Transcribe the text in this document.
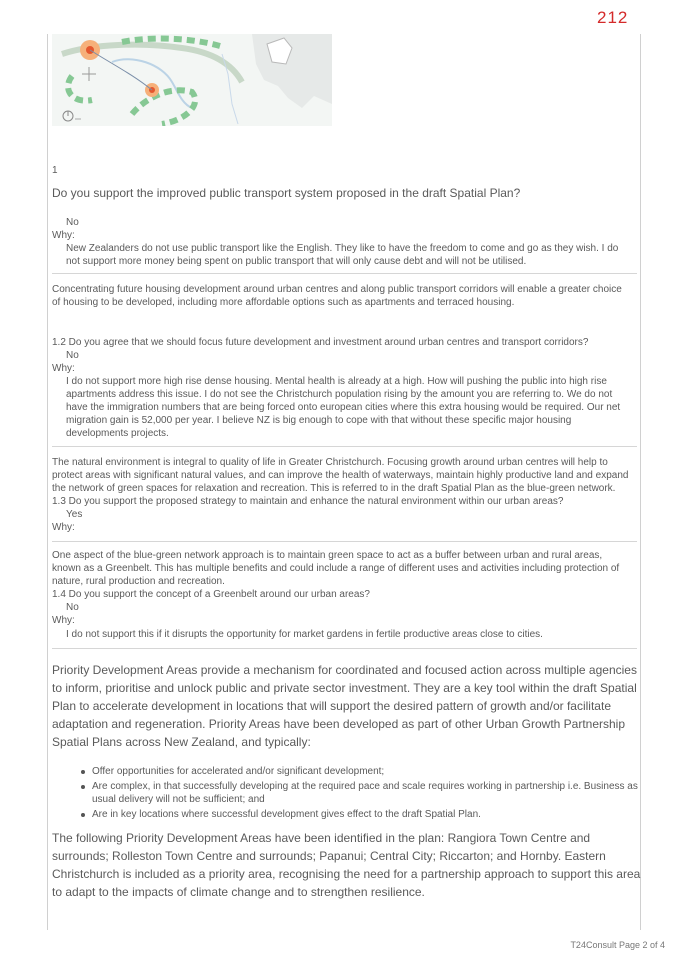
212
1
Do you support the improved public transport system proposed in the draft Spatial Plan?
No
Why:
New Zealanders do not use public transport like the English. They like to have the freedom to come and go as they wish. I do
not support more money being spent on public transport that will only cause debt and will not be utilised.
Concentrating future housing development around urban centres and along public transport corridors will enable a greater choice
of housing to be developed, including more affordable options such as apartments and terraced housing.
1.2 Do you agree that we should focus future development and investment around urban centres and transport corridors?
No
Why:
I do not support more high rise dense housing. Mental health is already at a high. How will pushing the public into high rise
apartments address this issue. I do not see the Christchurch population rising by the amount you are referring to. We do not
have the immigration numbers that are being forced onto european cities where this extra housing would be required. Our net
migration gain is 52,000 per year. I believe NZ is big enough to cope with that without these specific major housing
developments projects.
The natural environment is integral to quality of life in Greater Christchurch. Focusing growth around urban centres will help to
protect areas with significant natural values, and can improve the health of waterways, maintain highly productive land and expand
the network of green spaces for relaxation and recreation. This is referred to in the draft Spatial Plan as the blue-green network.
1.3 Do you support the proposed strategy to maintain and enhance the natural environment within our urban areas?
Yes
Why:
One aspect of the blue-green network approach is to maintain green space to act as a buffer between urban and rural areas,
known as a Greenbelt. This has multiple benefits and could include a range of different uses and activities including protection of
nature, rural production and recreation.
1.4 Do you support the concept of a Greenbelt around our urban areas?
No
Why:
I do not support this if it disrupts the opportunity for market gardens in fertile productive areas close to cities.
Priority Development Areas provide a mechanism for coordinated and focused action across multiple agencies
to inform, prioritise and unlock public and private sector investment. They are a key tool within the draft Spatial
Plan to accelerate development in locations that will support the desired pattern of growth and/or facilitate
adaptation and regeneration. Priority Areas have been developed as part of other Urban Growth Partnership
Spatial Plans across New Zealand, and typically:
Offer opportunities for accelerated and/or significant development;
Are complex, in that successfully developing at the required pace and scale requires working in partnership i.e. Business as usual delivery will not be sufficient; and
Are in key locations where successful development gives effect to the draft Spatial Plan.
The following Priority Development Areas have been identified in the plan: Rangiora Town Centre and
surrounds; Rolleston Town Centre and surrounds; Papanui; Central City; Riccarton; and Hornby. Eastern
Christchurch is included as a priority area, recognising the need for a partnership approach to support this area
to adapt to the impacts of climate change and to strengthen resilience.
T24Consult Page 2 of 4
